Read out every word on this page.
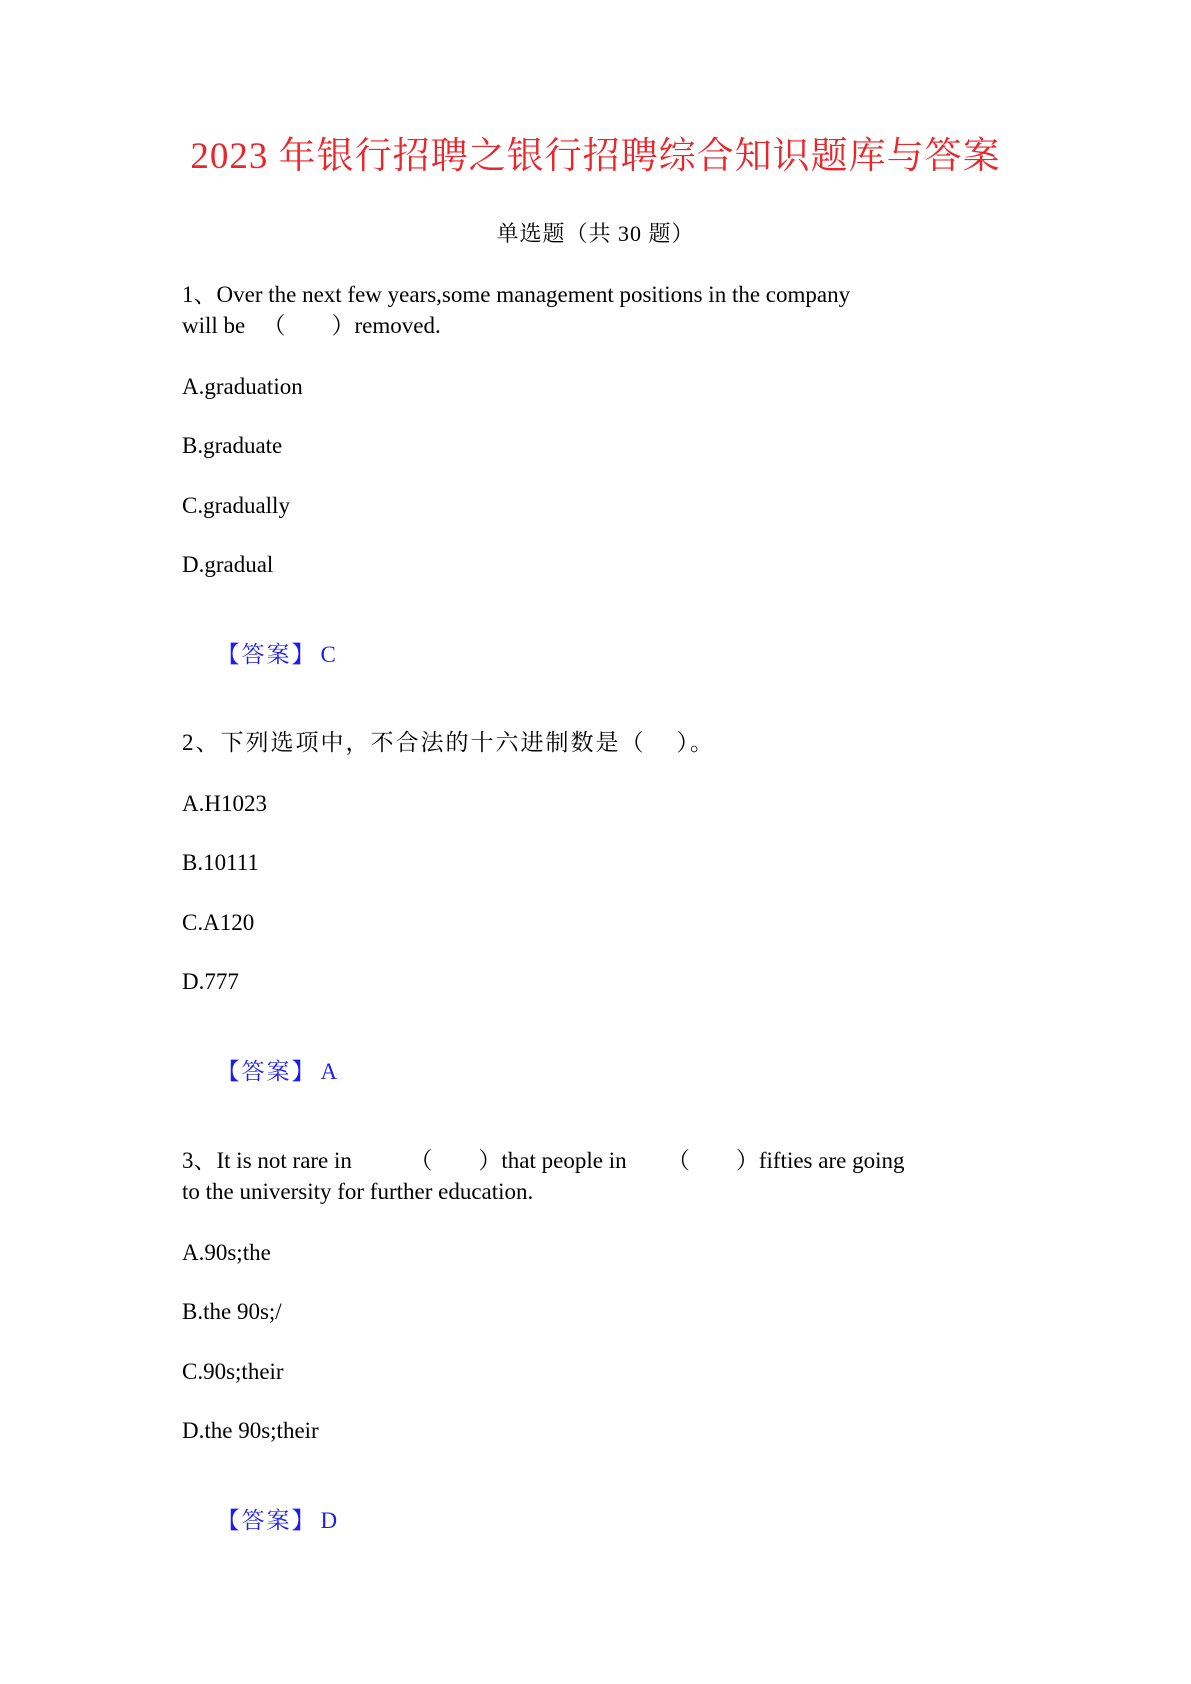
2023 年银行招聘之银行招聘综合知识题库与答案
单选题（共 30 题）
1、Over the next few years,some management positions in the company
will be   （        ）removed.
A.graduation
B.graduate
C.gradually
D.gradual

【答案】 C

2、下列选项中，不合法的十六进制数是（    ）。
A.H1023
B.10111
C.A120
D.777

【答案】 A

3、It is not rare in          （        ）that people in       （        ）fifties are going
to the university for further education.
A.90s;the
B.the 90s;/
C.90s;their
D.the 90s;their

【答案】 D
